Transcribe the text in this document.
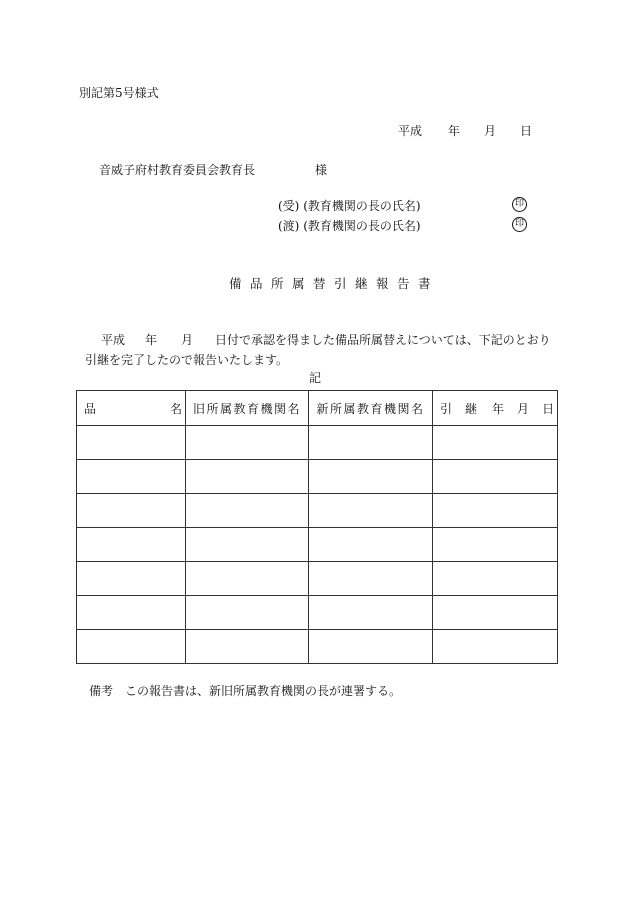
別記第5号様式
平成 年 月 日
音威子府村教育委員会教育長　　　　　様
(受) (教育機関の長の氏名)	印
(渡) (教育機関の長の氏名)	印
備品所属替引継報告書
平成 年 月 日付で承認を得ました備品所属替えについては、下記のとおり
引継を完了したので報告いたします。
記
品 名	旧所属教育機関名	新所属教育機関名	引 継 年 月 日

備考　この報告書は、新旧所属教育機関の長が連署する。
